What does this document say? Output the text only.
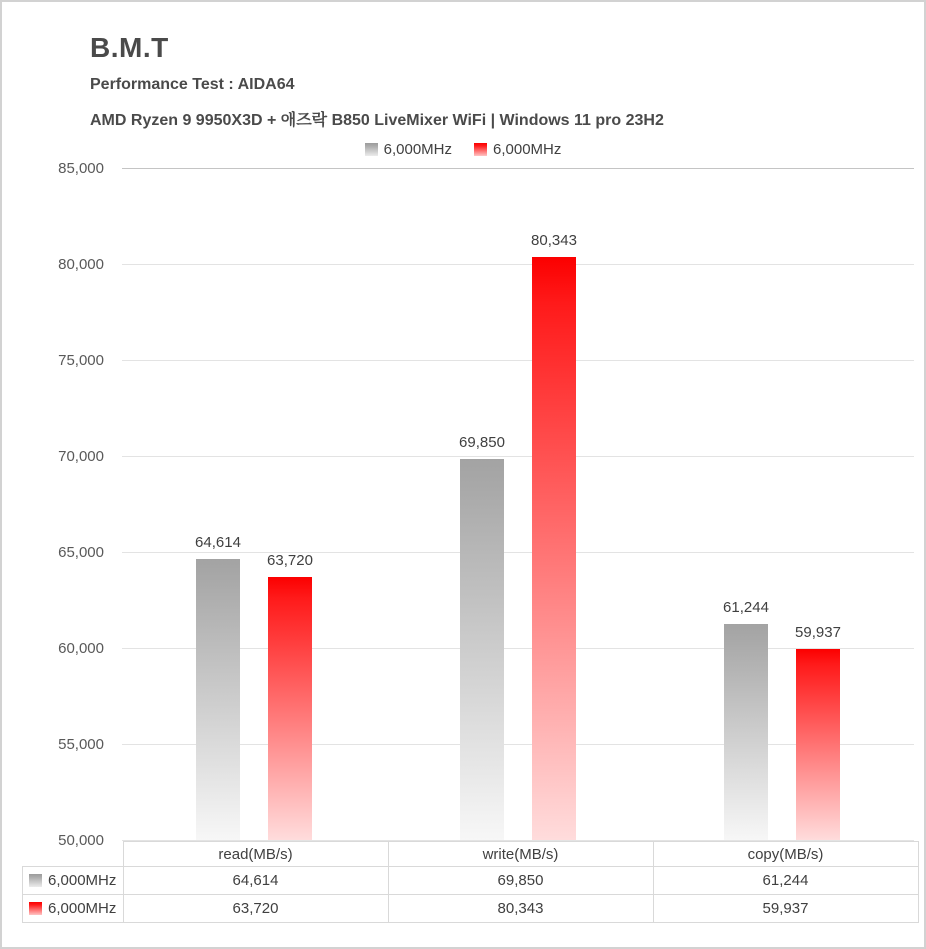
B.M.T
Performance Test : AIDA64
AMD Ryzen 9 9950X3D + 애즈락 B850 LiveMixer WiFi | Windows 11 pro 23H2
6,000MHz	6,000MHz
85,000
80,000
75,000
70,000
65,000
60,000
55,000
50,000
64,614
63,720
69,850
80,343
61,244
59,937
	read(MB/s)	write(MB/s)	copy(MB/s)

6,000MHz	64,614	69,850	61,244

6,000MHz	63,720	80,343	59,937
